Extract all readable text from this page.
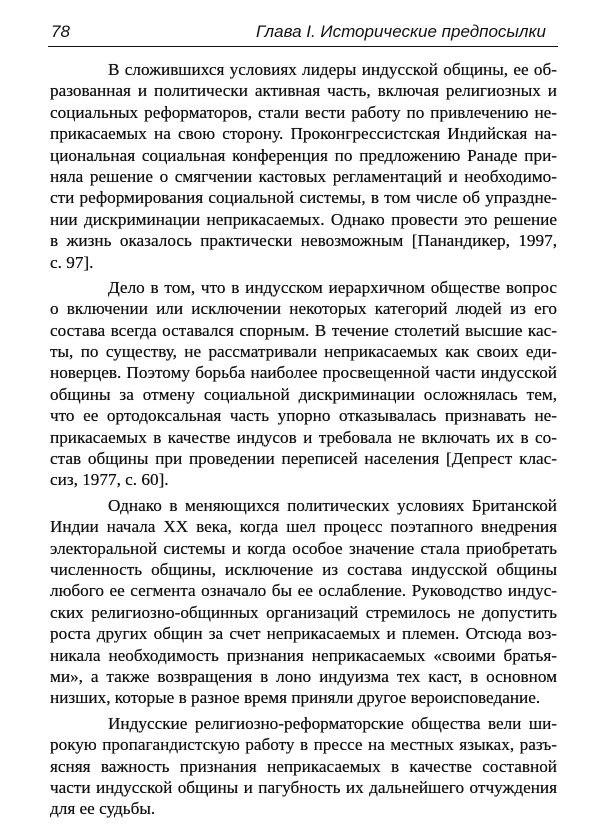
78	Глава I. Исторические предпосылки
В сложившихся условиях лидеры индусской общины, ее об-
разованная и политически активная часть, включая религиозных и
социальных реформаторов, стали вести работу по привлечению не-
прикасаемых на свою сторону. Проконгрессистская Индийская на-
циональная социальная конференция по предложению Ранаде при-
няла решение о смягчении кастовых регламентаций и необходимо-
сти реформирования социальной системы, в том числе об упраздне-
нии дискриминации неприкасаемых. Однако провести это решение
в жизнь оказалось практически невозможным [Панандикер, 1997,
с. 97].
Дело в том, что в индусском иерархичном обществе вопрос
о включении или исключении некоторых категорий людей из его
состава всегда оставался спорным. В течение столетий высшие кас-
ты, по существу, не рассматривали неприкасаемых как своих еди-
новерцев. Поэтому борьба наиболее просвещенной части индусской
общины за отмену социальной дискриминации осложнялась тем,
что ее ортодоксальная часть упорно отказывалась признавать не-
прикасаемых в качестве индусов и требовала не включать их в со-
став общины при проведении переписей населения [Депрест клас-
сиз, 1977, с. 60].
Однако в меняющихся политических условиях Британской
Индии начала XX века, когда шел процесс поэтапного внедрения
электоральной системы и когда особое значение стала приобретать
численность общины, исключение из состава индусской общины
любого ее сегмента означало бы ее ослабление. Руководство индус-
ских религиозно-общинных организаций стремилось не допустить
роста других общин за счет неприкасаемых и племен. Отсюда воз-
никала необходимость признания неприкасаемых «своими братья-
ми», а также возвращения в лоно индуизма тех каст, в основном
низших, которые в разное время приняли другое вероисповедание.
Индусские религиозно-реформаторские общества вели ши-
рокую пропагандистскую работу в прессе на местных языках, разъ-
ясняя важность признания неприкасаемых в качестве составной
части индусской общины и пагубность их дальнейшего отчуждения
для ее судьбы.
